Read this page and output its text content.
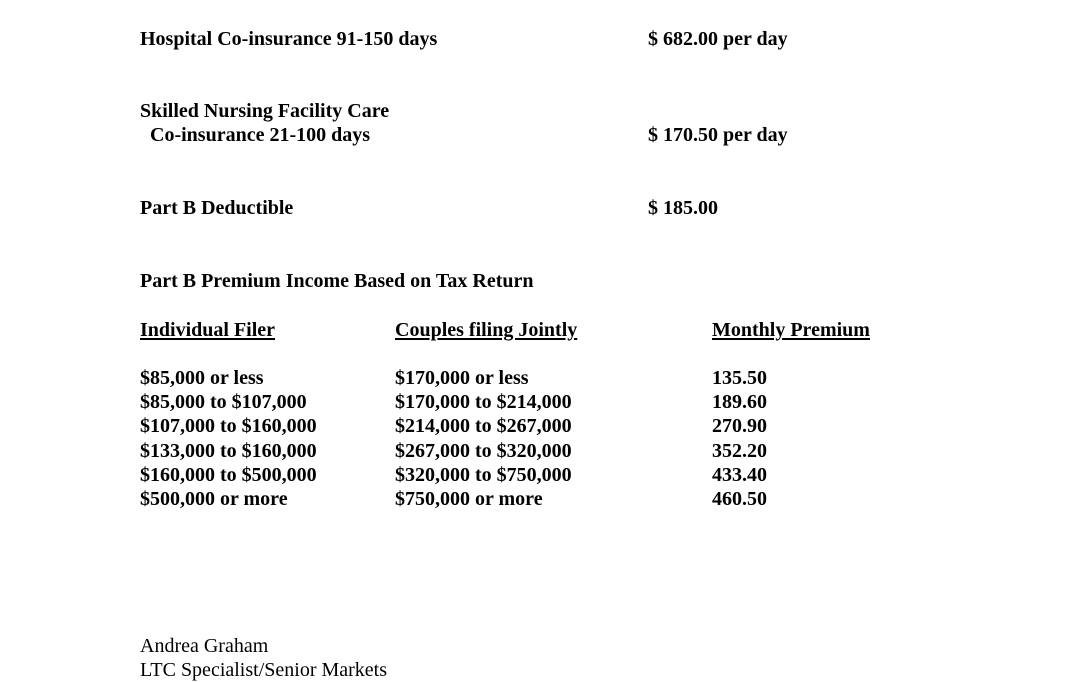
Hospital Co-insurance 91-150 days	$ 682.00 per day
Skilled Nursing Facility Care
Co-insurance 21-100 days	$ 170.50 per day
Part B Deductible	$ 185.00
Part B Premium Income Based on Tax Return
Individual Filer	Couples filing Jointly	Monthly Premium
$85,000 or less	$170,000 or less	135.50
$85,000 to $107,000	$170,000 to $214,000	189.60
$107,000 to $160,000	$214,000 to $267,000	270.90
$133,000 to $160,000	$267,000 to $320,000	352.20
$160,000 to $500,000	$320,000 to $750,000	433.40
$500,000 or more	$750,000 or more	460.50
Andrea Graham
LTC Specialist/Senior Markets
